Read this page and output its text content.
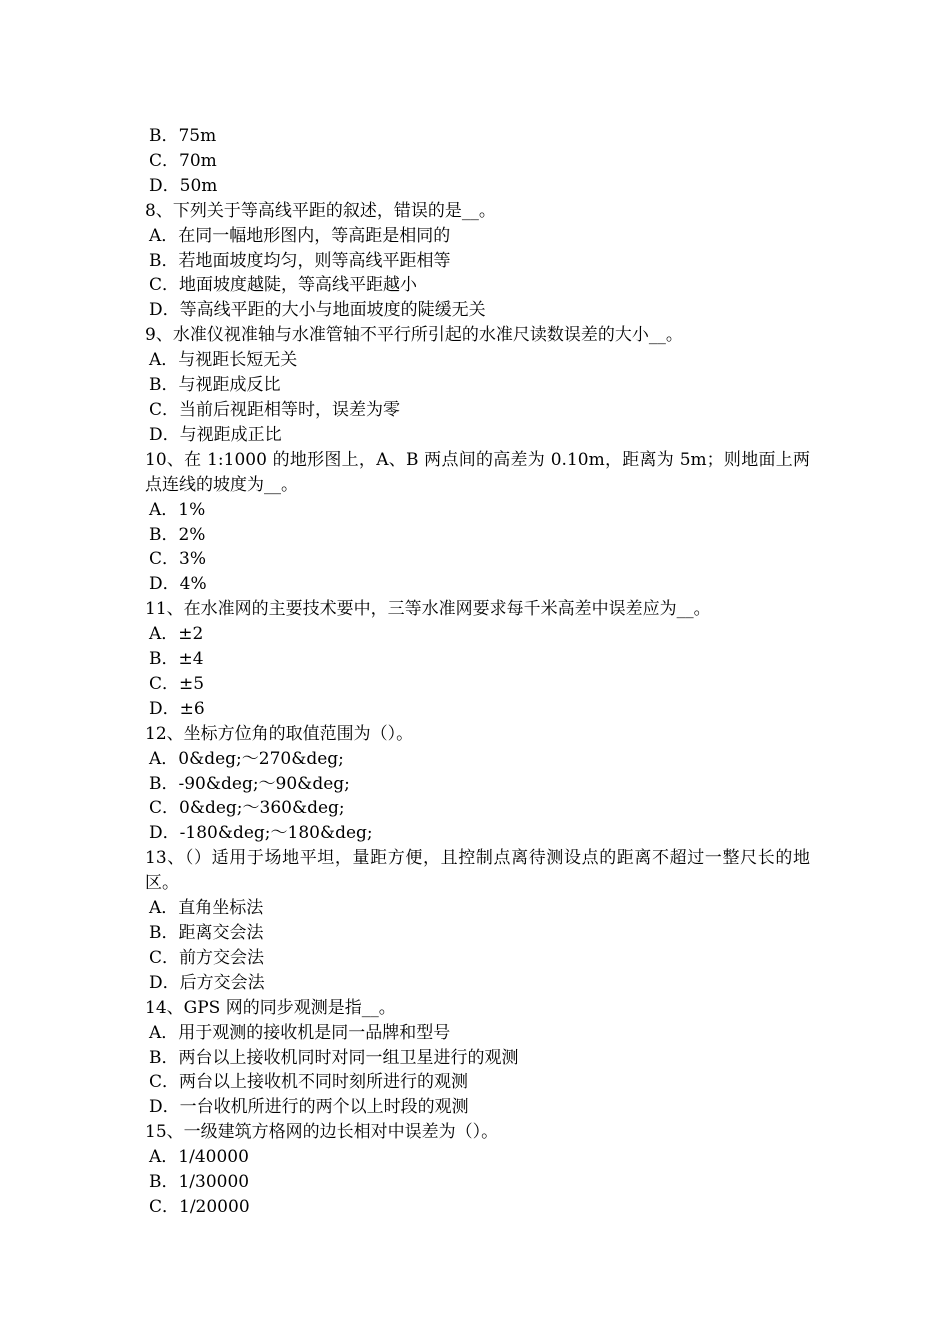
B．75m

C．70m

D．50m

8、下列关于等高线平距的叙述，错误的是__。

A．在同一幅地形图内，等高距是相同的

B．若地面坡度均匀，则等高线平距相等

C．地面坡度越陡，等高线平距越小

D．等高线平距的大小与地面坡度的陡缓无关

9、水准仪视准轴与水准管轴不平行所引起的水准尺读数误差的大小__。

A．与视距长短无关

B．与视距成反比

C．当前后视距相等时，误差为零

D．与视距成正比

10、在 1:1000 的地形图上，A、B 两点间的高差为 0.10m，距离为 5m；则地面上两点连线的坡度为__。

A．1%

B．2%

C．3%

D．4%

11、在水准网的主要技术要中，三等水准网要求每千米高差中误差应为__。

A．±2

B．±4

C．±5

D．±6

12、坐标方位角的取值范围为（）。

A．0&deg;～270&deg;

B．-90&deg;～90&deg;

C．0&deg;～360&deg;

D．-180&deg;～180&deg;

13、（）适用于场地平坦，量距方便，且控制点离待测设点的距离不超过一整尺长的地区。

A．直角坐标法

B．距离交会法

C．前方交会法

D．后方交会法

14、GPS 网的同步观测是指__。

A．用于观测的接收机是同一品牌和型号

B．两台以上接收机同时对同一组卫星进行的观测

C．两台以上接收机不同时刻所进行的观测

D．一台收机所进行的两个以上时段的观测

15、一级建筑方格网的边长相对中误差为（）。

A．1/40000

B．1/30000

C．1/20000
